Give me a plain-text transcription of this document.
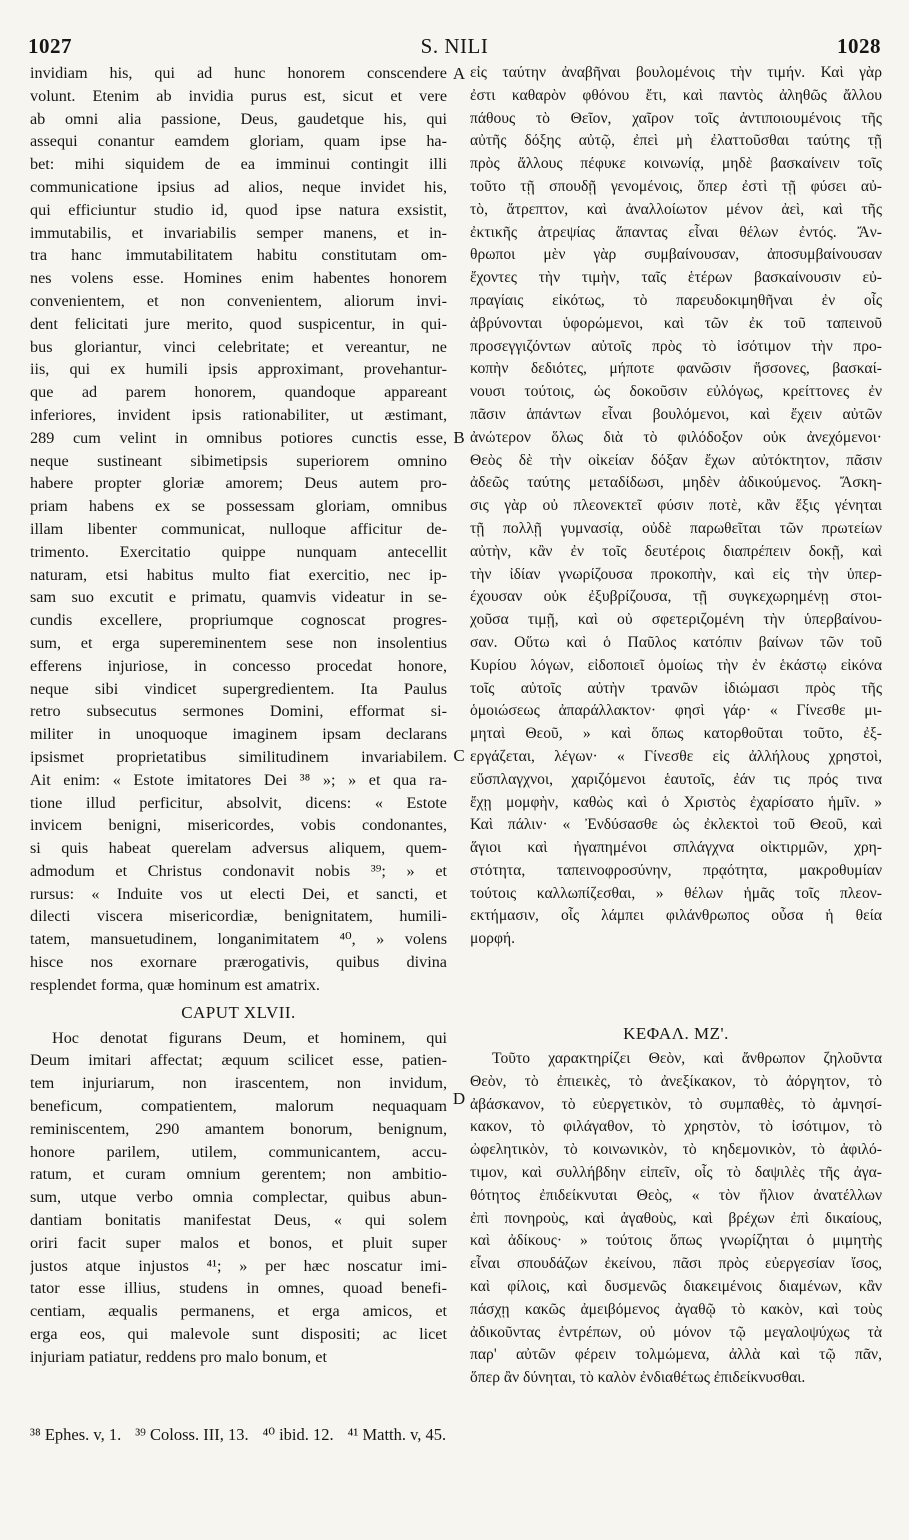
1027	S. NILI	1028
invidiam his, qui ad hunc honorem conscendere
volunt. Etenim ab invidia purus est, sicut et vere
ab omni alia passione, Deus, gaudetque his, qui
assequi conantur eamdem gloriam, quam ipse ha-
bet: mihi siquidem de ea imminui contingit illi
communicatione ipsius ad alios, neque invidet his,
qui efficiuntur studio id, quod ipse natura exsistit,
immutabilis, et invariabilis semper manens, et in-
tra hanc immutabilitatem habitu constitutam om-
nes volens esse. Homines enim habentes honorem
convenientem, et non convenientem, aliorum invi-
dent felicitati jure merito, quod suspicentur, in qui-
bus gloriantur, vinci celebritate; et vereantur, ne
iis, qui ex humili ipsis approximant, provehantur-
que ad parem honorem, quandoque appareant
inferiores, invident ipsis rationabiliter, ut æstimant,
289 cum velint in omnibus potiores cunctis esse,
neque sustineant sibimetipsis superiorem omnino
habere propter gloriæ amorem; Deus autem pro-
priam habens ex se possessam gloriam, omnibus
illam libenter communicat, nulloque afficitur de-
trimento. Exercitatio quippe nunquam antecellit
naturam, etsi habitus multo fiat exercitio, nec ip-
sam suo excutit e primatu, quamvis videatur in se-
cundis excellere, propriumque cognoscat progres-
sum, et erga supereminentem sese non insolentius
efferens injuriose, in concesso procedat honore,
neque sibi vindicet supergredientem. Ita Paulus
retro subsecutus sermones Domini, efformat si-
militer in unoquoque imaginem ipsam declarans
ipsismet proprietatibus similitudinem invariabilem.
Ait enim: « Estote imitatores Dei ³⁸ »; » et qua ra-
tione illud perficitur, absolvit, dicens: « Estote
invicem benigni, misericordes, vobis condonantes,
si quis habeat querelam adversus aliquem, quem-
admodum et Christus condonavit nobis ³⁹; » et
rursus: « Induite vos ut electi Dei, et sancti, et
dilecti viscera misericordiæ, benignitatem, humili-
tatem, mansuetudinem, longanimitatem ⁴⁰, » volens
hisce nos exornare prærogativis, quibus divina
resplendet forma, quæ hominum est amatrix.
CAPUT XLVII.
Hoc denotat figurans Deum, et hominem, qui
Deum imitari affectat; æquum scilicet esse, patien-
tem injuriarum, non irascentem, non invidum,
beneficum, compatientem, malorum nequaquam
reminiscentem, 290 amantem bonorum, benignum,
honore parilem, utilem, communicantem, accu-
ratum, et curam omnium gerentem; non ambitio-
sum, utque verbo omnia complectar, quibus abun-
dantiam bonitatis manifestat Deus, « qui solem
oriri facit super malos et bonos, et pluit super
justos atque injustos ⁴¹; » per hæc noscatur imi-
tator esse illius, studens in omnes, quoad benefi-
centiam, æqualis permanens, et erga amicos, et
erga eos, qui malevole sunt dispositi; ac licet
injuriam patiatur, reddens pro malo bonum, et
εἰς ταύτην ἀναβῆναι βουλομένοις τὴν τιμήν. Καὶ γὰρ
ἐστι καθαρὸν φθόνου ἔτι, καὶ παντὸς ἀληθῶς ἄλλου
πάθους τὸ Θεῖον, χαῖρον τοῖς ἀντιποιουμένοις τῆς
αὐτῆς δόξης αὐτῷ, ἐπεὶ μὴ ἐλαττοῦσθαι ταύτης τῇ
πρὸς ἄλλους πέφυκε κοινωνίᾳ, μηδὲ βασκαίνειν τοῖς
τοῦτο τῇ σπουδῇ γενομένοις, ὅπερ ἐστὶ τῇ φύσει αὐ-
τὸ, ἄτρεπτον, καὶ ἀναλλοίωτον μένον ἀεὶ, καὶ τῆς
ἐκτικῆς ἀτρεψίας ἅπαντας εἶναι θέλων ἐντός. Ἄν-
θρωποι μὲν γὰρ συμβαίνουσαν, ἀποσυμβαίνουσαν
ἔχοντες τὴν τιμὴν, ταῖς ἑτέρων βασκαίνουσιν εὐ-
πραγίαις εἰκότως, τὸ παρευδοκιμηθῆναι ἐν οἷς
ἀβρύνονται ὑφορώμενοι, καὶ τῶν ἐκ τοῦ ταπεινοῦ
προσεγγιζόντων αὐτοῖς πρὸς τὸ ἰσότιμον τὴν προ-
κοπὴν δεδιότες, μήποτε φανῶσιν ἥσσονες, βασκαί-
νουσι τούτοις, ὡς δοκοῦσιν εὐλόγως, κρείττονες ἐν
πᾶσιν ἁπάντων εἶναι βουλόμενοι, καὶ ἔχειν αὐτῶν
ἀνώτερον ὅλως διὰ τὸ φιλόδοξον οὐκ ἀνεχόμενοι·
Θεὸς δὲ τὴν οἰκείαν δόξαν ἔχων αὐτόκτητον, πᾶσιν
ἀδεῶς ταύτης μεταδίδωσι, μηδὲν ἀδικούμενος. Ἄσκη-
σις γὰρ οὐ πλεονεκτεῖ φύσιν ποτὲ, κἂν ἕξις γένηται
τῇ πολλῇ γυμνασίᾳ, οὐδὲ παρωθεῖται τῶν πρωτείων
αὐτὴν, κἂν ἐν τοῖς δευτέροις διαπρέπειν δοκῇ, καὶ
τὴν ἰδίαν γνωρίζουσα προκοπὴν, καὶ εἰς τὴν ὑπερ-
έχουσαν οὐκ ἐξυβρίζουσα, τῇ συγκεχωρημένῃ στοι-
χοῦσα τιμῇ, καὶ οὐ σφετεριζομένη τὴν ὑπερβαίνου-
σαν. Οὕτω καὶ ὁ Παῦλος κατόπιν βαίνων τῶν τοῦ
Κυρίου λόγων, εἰδοποιεῖ ὁμοίως τὴν ἐν ἑκάστῳ εἰκόνα
τοῖς αὐτοῖς αὐτὴν τρανῶν ἰδιώμασι πρὸς τῆς
ὁμοιώσεως ἀπαράλλακτον· φησὶ γάρ· « Γίνεσθε μι-
μηταὶ Θεοῦ, » καὶ ὅπως κατορθοῦται τοῦτο, ἐξ-
εργάζεται, λέγων· « Γίνεσθε εἰς ἀλλήλους χρηστοὶ,
εὔσπλαγχνοι, χαριζόμενοι ἑαυτοῖς, ἐάν τις πρός τινα
ἔχῃ μομφὴν, καθὼς καὶ ὁ Χριστὸς ἐχαρίσατο ἡμῖν. »
Καὶ πάλιν· « Ἐνδύσασθε ὡς ἐκλεκτοὶ τοῦ Θεοῦ, καὶ
ἅγιοι καὶ ἠγαπημένοι σπλάγχνα οἰκτιρμῶν, χρη-
στότητα, ταπεινοφροσύνην, πρᾳότητα, μακροθυμίαν
τούτοις καλλωπίζεσθαι, » θέλων ἡμᾶς τοῖς πλεον-
εκτήμασιν, οἷς λάμπει φιλάνθρωπος οὖσα ἡ θεία
μορφή.
ΚΕΦΑΛ. ΜΖ'.
Τοῦτο χαρακτηρίζει Θεὸν, καὶ ἄνθρωπον ζηλοῦντα
Θεὸν, τὸ ἐπιεικὲς, τὸ ἀνεξίκακον, τὸ ἀόργητον, τὸ
ἀβάσκανον, τὸ εὐεργετικὸν, τὸ συμπαθὲς, τὸ ἀμνησί-
κακον, τὸ φιλάγαθον, τὸ χρηστὸν, τὸ ἰσότιμον, τὸ
ὠφελητικὸν, τὸ κοινωνικὸν, τὸ κηδεμονικὸν, τὸ ἀφιλό-
τιμον, καὶ συλλήβδην εἰπεῖν, οἷς τὸ δαψιλὲς τῆς ἀγα-
θότητος ἐπιδείκνυται Θεὸς, « τὸν ἥλιον ἀνατέλλων
ἐπὶ πονηροὺς, καὶ ἀγαθοὺς, καὶ βρέχων ἐπὶ δικαίους,
καὶ ἀδίκους· » τούτοις ὅπως γνωρίζηται ὁ μιμητὴς
εἶναι σπουδάζων ἐκείνου, πᾶσι πρὸς εὐεργεσίαν ἴσος,
καὶ φίλοις, καὶ δυσμενῶς διακειμένοις διαμένων, κἂν
πάσχῃ κακῶς ἀμειβόμενος ἀγαθῷ τὸ κακὸν, καὶ τοὺς
ἀδικοῦντας ἐντρέπων, οὐ μόνον τῷ μεγαλοψύχως τὰ
παρ' αὐτῶν φέρειν τολμώμενα, ἀλλὰ καὶ τῷ πᾶν,
ὅπερ ἂν δύνηται, τὸ καλὸν ἐνδιαθέτως ἐπιδείκνυσθαι.
A
B
C
D
³⁸ Ephes. v, 1. ³⁹ Coloss. III, 13. ⁴⁰ ibid. 12. ⁴¹ Matth. v, 45.
